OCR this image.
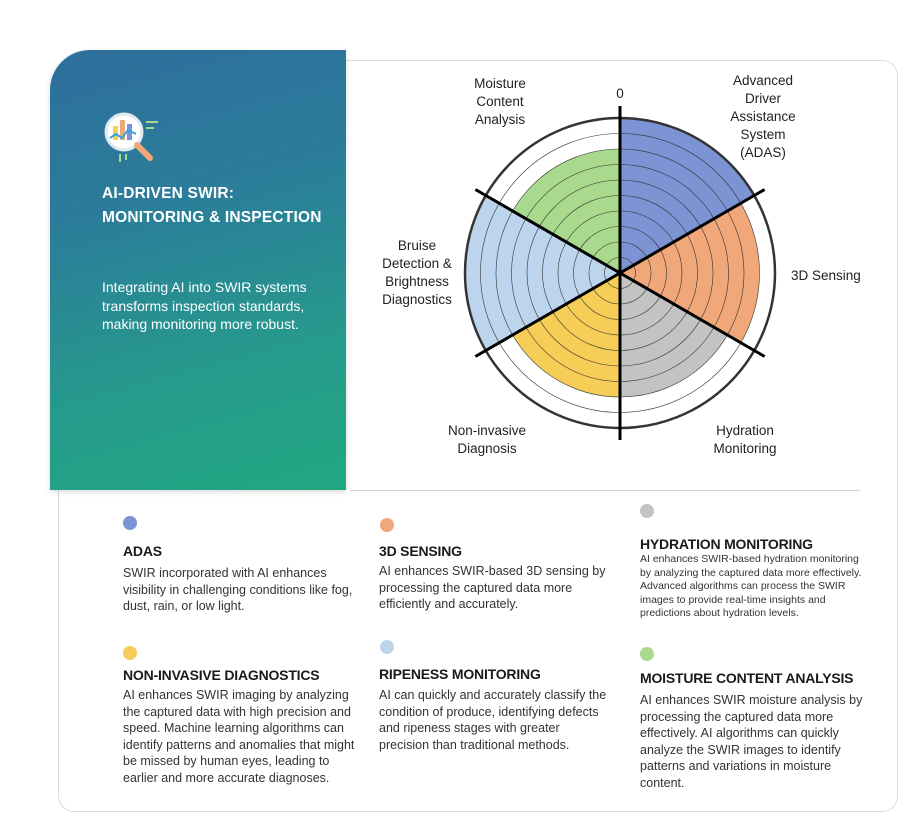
AI-DRIVEN SWIR: MONITORING & INSPECTION
Integrating AI into SWIR systems transforms inspection standards, making monitoring more robust.
0
Advanced Driver Assistance System (ADAS)
3D Sensing
Hydration Monitoring
Non-invasive Diagnosis
Bruise Detection & Brightness Diagnostics
Moisture Content Analysis
ADAS
SWIR incorporated with AI enhances visibility in challenging conditions like fog, dust, rain, or low light.
3D SENSING
AI enhances SWIR-based 3D sensing by processing the captured data more efficiently and accurately.
HYDRATION MONITORING
AI enhances SWIR-based hydration monitoring by analyzing the captured data more effectively. Advanced algorithms can process the SWIR images to provide real-time insights and predictions about hydration levels.
NON-INVASIVE DIAGNOSTICS
AI enhances SWIR imaging by analyzing the captured data with high precision and speed. Machine learning algorithms can identify patterns and anomalies that might be missed by human eyes, leading to earlier and more accurate diagnoses.
RIPENESS MONITORING
AI can quickly and accurately classify the condition of produce, identifying defects and ripeness stages with greater precision than traditional methods.
MOISTURE CONTENT ANALYSIS
AI enhances SWIR moisture analysis by processing the captured data more effectively. AI algorithms can quickly analyze the SWIR images to identify patterns and variations in moisture content.
